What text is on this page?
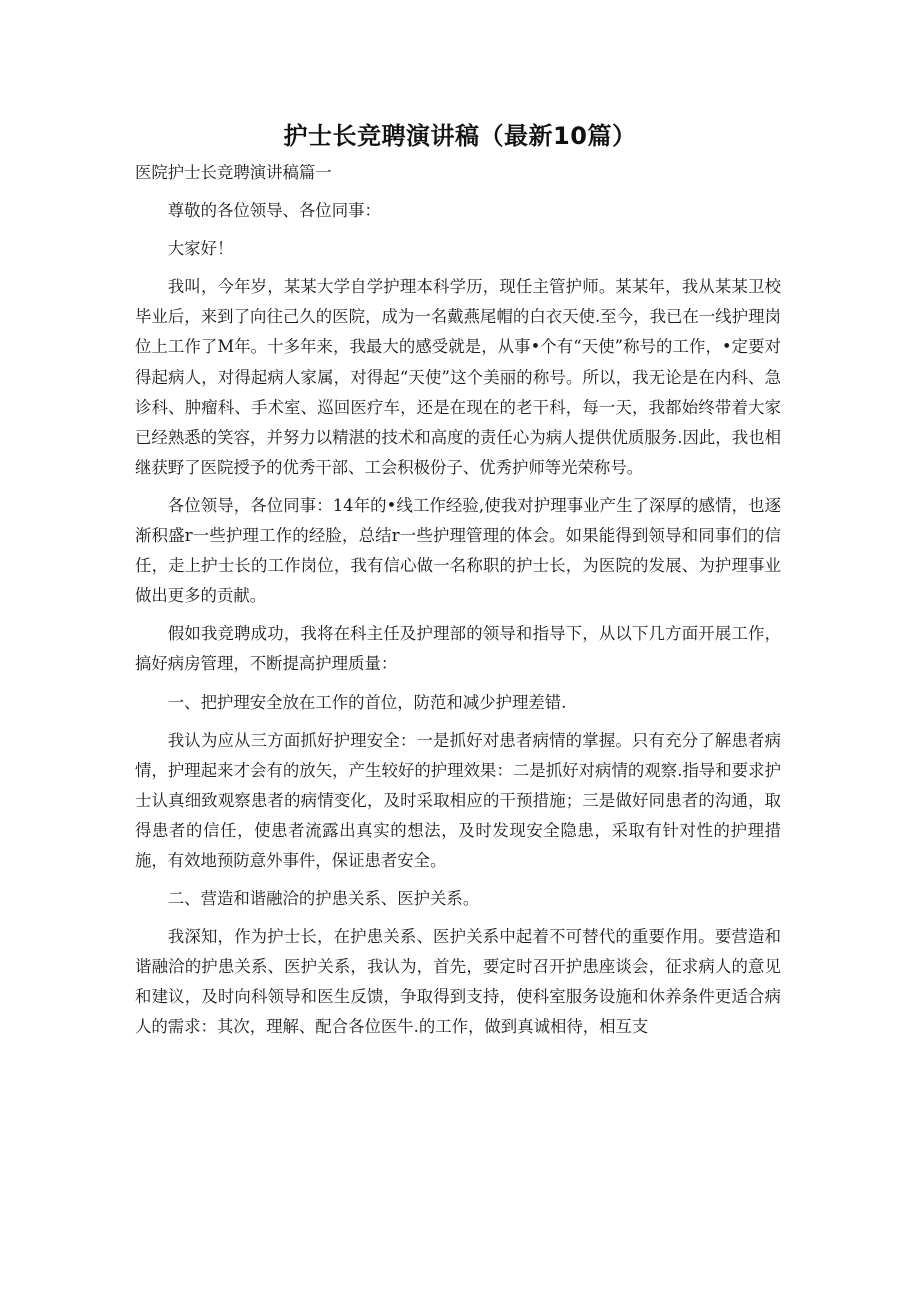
护士长竞聘演讲稿（最新10篇）

医院护士长竞聘演讲稿篇一

尊敬的各位领导、各位同事：

大家好！

我叫，今年岁，某某大学自学护理本科学历，现任主管护师。某某年，我从某某卫校毕业后，来到了向往己久的医院，成为一名戴燕尾帽的白衣天使.至今，我已在一线护理岗位上工作了M年。十多年来，我最大的感受就是，从事•个有“天使”称号的工作，•定要对得起病人，对得起病人家属，对得起“天使”这个美丽的称号。所以，我无论是在内科、急诊科、肿瘤科、手术室、巡回医疗车，还是在现在的老干科，每一天，我都始终带着大家已经熟悉的笑容，并努力以精湛的技术和高度的责任心为病人提供优质服务.因此，我也相继获野了医院授予的优秀干部、工会积极份子、优秀护师等光荣称号。

各位领导，各位同事：14年的•线工作经验,使我对护理事业产生了深厚的感情，也逐渐积盛r一些护理工作的经脸，总结r一些护理管理的体会。如果能得到领导和同事们的信任，走上护士长的工作岗位，我有信心做一名称职的护士长，为医院的发展、为护理事业做出更多的贡献。

假如我竞聘成功，我将在科主任及护理部的领导和指导下，从以下几方面开展工作，搞好病房管理，不断提高护理质量：

一、把护理安全放在工作的首位，防范和减少护理差错.

我认为应从三方面抓好护理安全：一是抓好对患者病情的掌握。只有充分了解患者病情，护理起来才会有的放矢，产生较好的护理效果：二是抓好对病情的观察.指导和要求护士认真细致观察患者的病情变化，及时采取相应的干预措施；三是做好同患者的沟通，取得患者的信任，使患者流露出真实的想法，及时发现安全隐患，采取有针对性的护理措施，有效地预防意外事件，保证患者安全。

二、营造和谐融洽的护患关系、医护关系。

我深知，作为护士长，在护患关系、医护关系中起着不可替代的重要作用。要营造和谐融洽的护患关系、医护关系，我认为，首先，要定时召开护患座谈会，征求病人的意见和建议，及时向科领导和医生反馈，争取得到支持，使科室服务设施和休养条件更适合病人的需求：其次，理解、配合各位医牛.的工作，做到真诚相待，相互支
